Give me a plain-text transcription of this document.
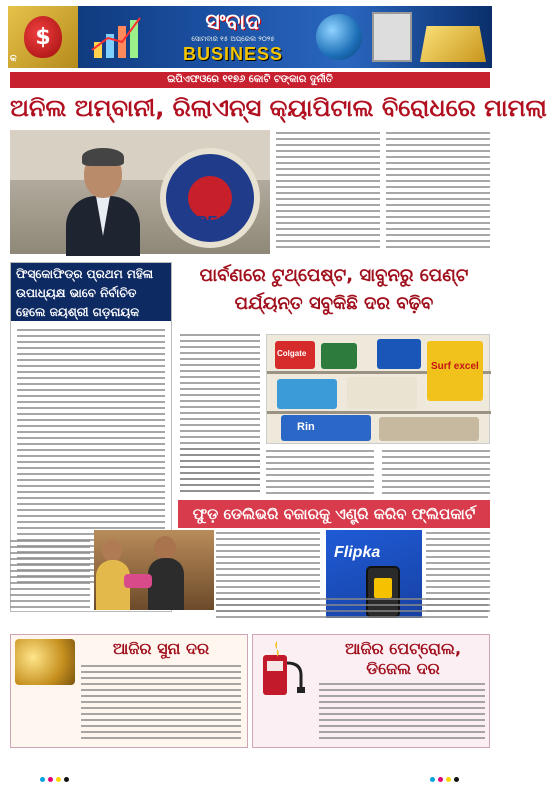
$
ସଂବାଦ
ସୋମବାର ୧୫ ଅପ୍ରେଲ ୨୦୨୫
BUSINESS
କ
ଇପିଏଫଓରେ ୧୧୭୬ କୋଟି ଟଙ୍କାର ଦୁର୍ନୀତି
ଅନିଲ ଅମ୍ବାନୀ, ରିଲାଏନ୍ସ କ୍ୟାପିଟାଲ ବିରୋଧରେ ମାମଲା
EPFO
ଫିସ୍‌କୋଫିଡ୍‌ର ପ୍ରଥମ ମହିଳା ଉପାଧ୍ୟକ୍ଷ ଭାବେ ନିର୍ବାଚିତ ହେଲେ ଜୟଶ୍ରୀ ଗଡ଼ନାୟକ
ପାର୍ବଣରେ ଟୁଥ୍‌ପେଷ୍ଟ, ସାବୁନରୁ ପେଣ୍ଟ ପର୍ଯ୍ୟନ୍ତ ସବୁକିଛି ଦର ବଢ଼ିବ
Colgate
Surf excel
Rin
ଫୁଡ଼ ଡେଲିଭରି ବଜାରକୁ ଏଣ୍ଟ୍ରି କରିବ ଫ୍ଲିପକାର୍ଟ
Flipka
ଆଜିର ସୁନା ଦର	ଆଜିର ପେଟ୍ରୋଲ,
ଡିଜେଲ ଦର
